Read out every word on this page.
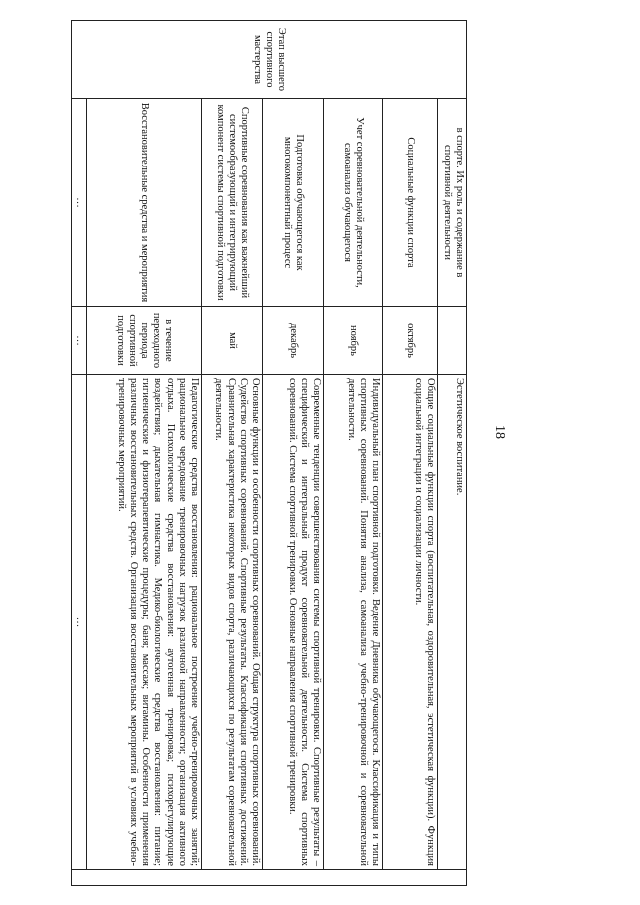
18
Этап высшего спортивного мастерства	в спорте. Их роль и содержание в спортивной деятельности		Эстетическое воспитание.	
	Социальные функции спорта	октябрь	Общие социальные функции спорта (воспитательная, оздоровительная, эстетическая функции). Функция социальной интеграции и социализации личности.	
	Учет соревновательной деятельности, самоанализ обучающегося	ноябрь	Индивидуальный план спортивной подготовки. Ведение Дневника обучающегося. Классификация и типы спортивных соревнований. Понятия анализа, самоанализа учебно-тренировочной и соревновательной деятельности.	
	Подготовка обучающегося как многокомпонентный процесс	декабрь	Современные тенденции совершенствования системы спортивной тренировки. Спортивные результаты – специфический и интегральный продукт соревновательной деятельности. Система спортивных соревнований. Система спортивной тренировки. Основные направления спортивной тренировки.	
	Спортивные соревнования как важнейший системообразующий и интегрирующий компонент системы спортивной подготовки	май	Основные функции и особенности спортивных соревнований. Общая структура спортивных соревнований. Судейство спортивных соревнований. Спортивные результаты. Классификация спортивных достижений. Сравнительная характеристика некоторых видов спорта, различающихся по результатам соревновательной деятельности.	
	Восстановительные средства и мероприятия	в течение переходного периода спортивной подготовки	Педагогические средства восстановления: рациональное построение учебно-тренировочных занятий; рациональное чередование тренировочных нагрузок различной направленности; организация активного отдыха. Психологические средства восстановления: аутогенная тренировка; психорегулирующие воздействия; дыхательная гимнастика. Медико-биологические средства восстановления: питание; гигиенические и физиотерапевтические процедуры; баня; массаж; витамины. Особенности применения различных восстановительных средств. Организация восстановительных мероприятий в условиях учебно-тренировочных мероприятий.	
	…	…	…	
